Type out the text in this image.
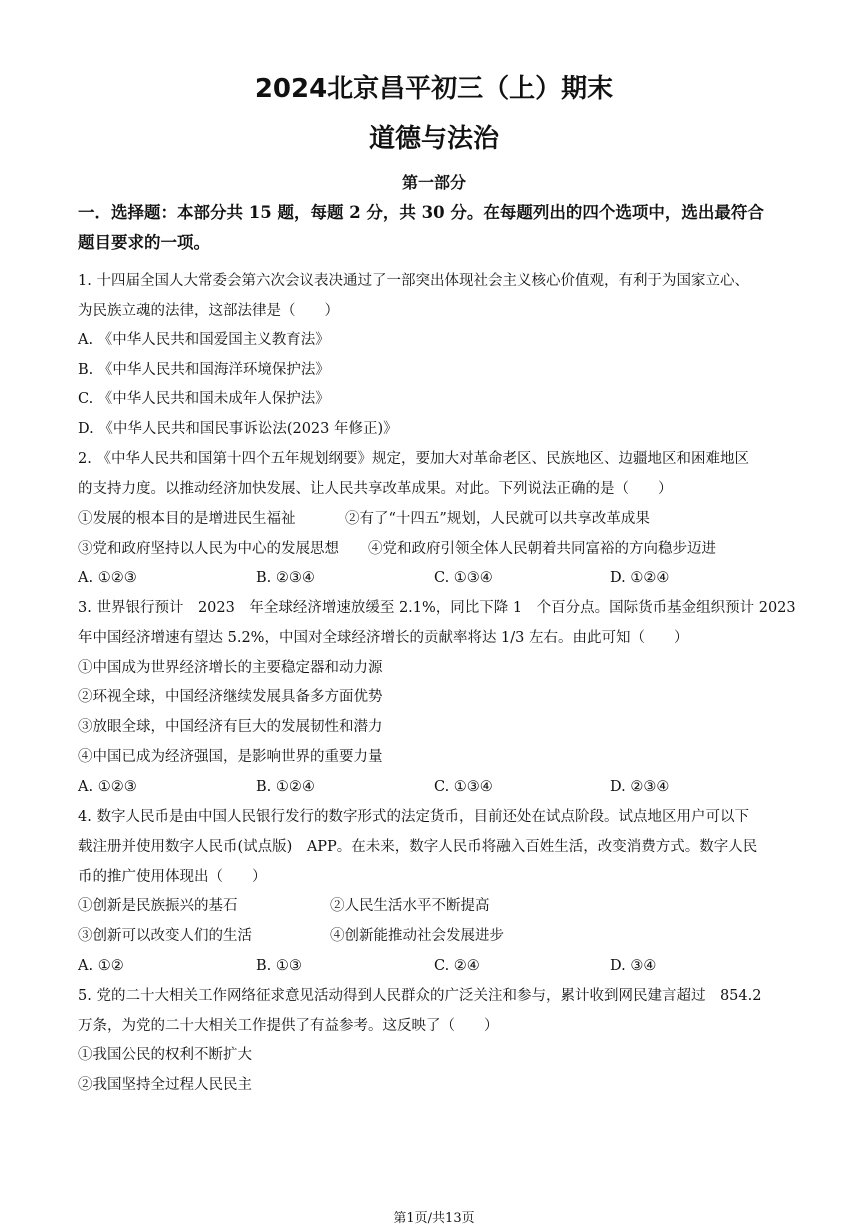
2024北京昌平初三（上）期末
道德与法治
第一部分
一．选择题：本部分共 15 题，每题 2 分，共 30 分。在每题列出的四个选项中，选出最符合
题目要求的一项。
1. 十四届全国人大常委会第六次会议表决通过了一部突出体现社会主义核心价值观，有利于为国家立心、
为民族立魂的法律，这部法律是（　　）
A. 《中华人民共和国爱国主义教育法》
B. 《中华人民共和国海洋环境保护法》
C. 《中华人民共和国未成年人保护法》
D. 《中华人民共和国民事诉讼法(2023 年修正)》
2. 《中华人民共和国第十四个五年规划纲要》规定，要加大对革命老区、民族地区、边疆地区和困难地区
的支持力度。以推动经济加快发展、让人民共享改革成果。对此。下列说法正确的是（　　）
①发展的根本目的是增进民生福祉	②有了“十四五”规划，人民就可以共享改革成果
③党和政府坚持以人民为中心的发展思想 ④党和政府引领全体人民朝着共同富裕的方向稳步迈进
A. ①②③	B. ②③④	C. ①③④	D. ①②④
3. 世界银行预计　2023　年全球经济增速放缓至 2.1%，同比下降 1　个百分点。国际货币基金组织预计 2023
年中国经济增速有望达 5.2%，中国对全球经济增长的贡献率将达 1/3 左右。由此可知（　　）
①中国成为世界经济增长的主要稳定器和动力源
②环视全球，中国经济继续发展具备多方面优势
③放眼全球，中国经济有巨大的发展韧性和潜力
④中国已成为经济强国，是影响世界的重要力量
A. ①②③	B. ①②④	C. ①③④	D. ②③④
4. 数字人民币是由中国人民银行发行的数字形式的法定货币，目前还处在试点阶段。试点地区用户可以下
载注册并使用数字人民币(试点版)　APP。在未来，数字人民币将融入百姓生活，改变消费方式。数字人民
币的推广使用体现出（　　）
①创新是民族振兴的基石	②人民生活水平不断提高
③创新可以改变人们的生活	④创新能推动社会发展进步
A. ①②	B. ①③	C. ②④	D. ③④
5. 党的二十大相关工作网络征求意见活动得到人民群众的广泛关注和参与，累计收到网民建言超过　854.2
万条，为党的二十大相关工作提供了有益参考。这反映了（　　）
①我国公民的权利不断扩大
②我国坚持全过程人民民主
第1页/共13页
